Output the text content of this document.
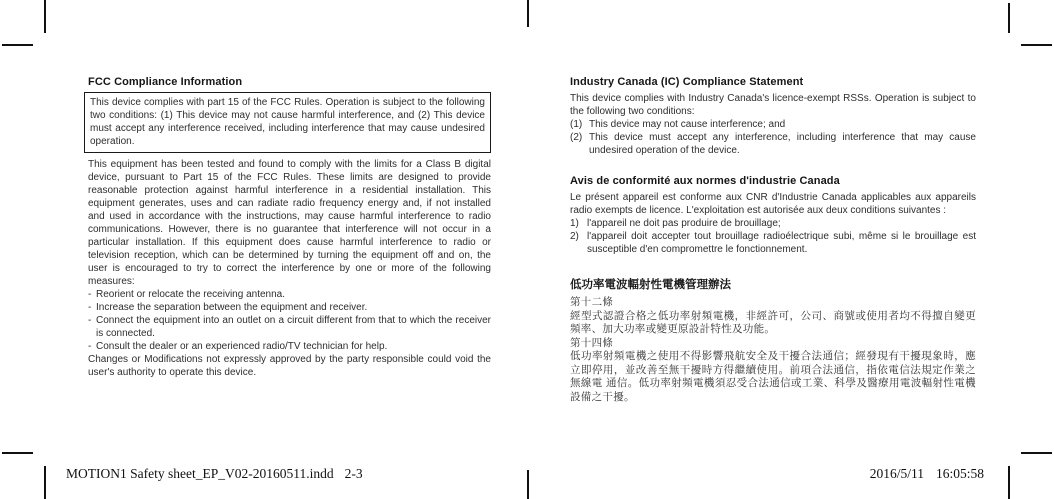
FCC Compliance Information

This device complies with part 15 of the FCC Rules. Operation is subject to the following two conditions: (1) This device may not cause harmful interference, and (2) This device must accept any interference received, including interference that may cause undesired operation.

This equipment has been tested and found to comply with the limits for a Class B digital device, pursuant to Part 15 of the FCC Rules. These limits are designed to provide reasonable protection against harmful interference in a residential installation. This equipment generates, uses and can radiate radio frequency energy and, if not installed and used in accordance with the instructions, may cause harmful interference to radio communications. However, there is no guarantee that interference will not occur in a particular installation. If this equipment does cause harmful interference to radio or television reception, which can be determined by turning the equipment off and on, the user is encouraged to try to correct the interference by one or more of the following measures:

- Reorient or relocate the receiving antenna.
- Increase the separation between the equipment and receiver.
- Connect the equipment into an outlet on a circuit different from that to which the receiver is connected.
- Consult the dealer or an experienced radio/TV technician for help.

Changes or Modifications not expressly approved by the party responsible could void the user's authority to operate this device.

Industry Canada (IC) Compliance Statement

This device complies with Industry Canada's licence-exempt RSSs. Operation is subject to the following two conditions:

(1) This device may not cause interference; and
(2) This device must accept any interference, including interference that may cause undesired operation of the device.
Avis de conformité aux normes d'industrie Canada

Le présent appareil est conforme aux CNR d'Industrie Canada applicables aux appareils radio exempts de licence. L'exploitation est autorisée aux deux conditions suivantes :

1) l'appareil ne doit pas produire de brouillage;
2) l'appareil doit accepter tout brouillage radioélectrique subi, même si le brouillage est susceptible d'en compromettre le fonctionnement.
低功率電波輻射性電機管理辦法

第十二條

經型式認證合格之低功率射頻電機，非經許可，公司、商號或使用者均不得擅自變更頻率、加大功率或變更原設計特性及功能。

第十四條

低功率射頻電機之使用不得影響飛航安全及干擾合法通信；經發現有干擾現象時，應立即停用，並改善至無干擾時方得繼續使用。前項合法通信，指依電信法規定作業之無線電 通信。低功率射頻電機須忍受合法通信或工業、科學及醫療用電波輻射性電機設備之干擾。

MOTION1 Safety sheet_EP_V02-20160511.indd 2-3	2016/5/11 16:05:58
